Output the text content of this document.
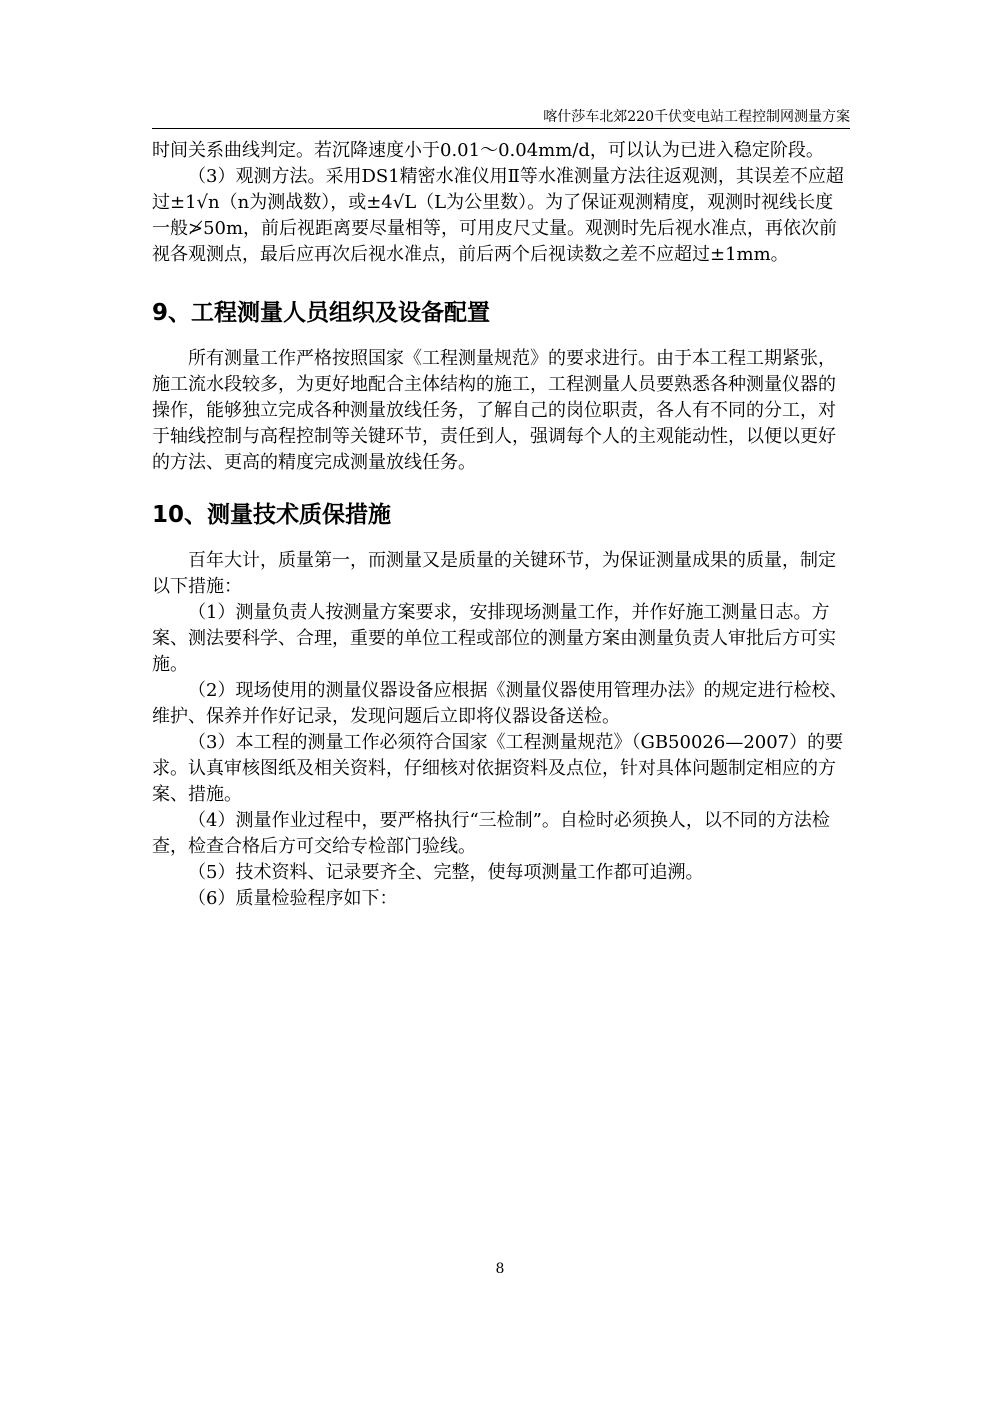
喀什莎车北郊220千伏变电站工程控制网测量方案

时间关系曲线判定。若沉降速度小于0.01～0.04mm/d，可以认为已进入稳定阶段。

（3）观测方法。采用DS1精密水准仪用Ⅱ等水准测量方法往返观测，其误差不应超过±1√n（n为测战数），或±4√L（L为公里数）。为了保证观测精度，观测时视线长度一般≯50m，前后视距离要尽量相等，可用皮尺丈量。观测时先后视水准点，再依次前视各观测点，最后应再次后视水准点，前后两个后视读数之差不应超过±1mm。

9、工程测量人员组织及设备配置

所有测量工作严格按照国家《工程测量规范》的要求进行。由于本工程工期紧张，施工流水段较多，为更好地配合主体结构的施工，工程测量人员要熟悉各种测量仪器的操作，能够独立完成各种测量放线任务，了解自己的岗位职责，各人有不同的分工，对于轴线控制与高程控制等关键环节，责任到人，强调每个人的主观能动性，以便以更好的方法、更高的精度完成测量放线任务。

10、测量技术质保措施

百年大计，质量第一，而测量又是质量的关键环节，为保证测量成果的质量，制定以下措施：

（1）测量负责人按测量方案要求，安排现场测量工作，并作好施工测量日志。方案、测法要科学、合理，重要的单位工程或部位的测量方案由测量负责人审批后方可实施。

（2）现场使用的测量仪器设备应根据《测量仪器使用管理办法》的规定进行检校、维护、保养并作好记录，发现问题后立即将仪器设备送检。

（3）本工程的测量工作必须符合国家《工程测量规范》（GB50026—2007）的要求。认真审核图纸及相关资料，仔细核对依据资料及点位，针对具体问题制定相应的方案、措施。

（4）测量作业过程中，要严格执行“三检制”。自检时必须换人，以不同的方法检查，检查合格后方可交给专检部门验线。

（5）技术资料、记录要齐全、完整，使每项测量工作都可追溯。

（6）质量检验程序如下：

8
